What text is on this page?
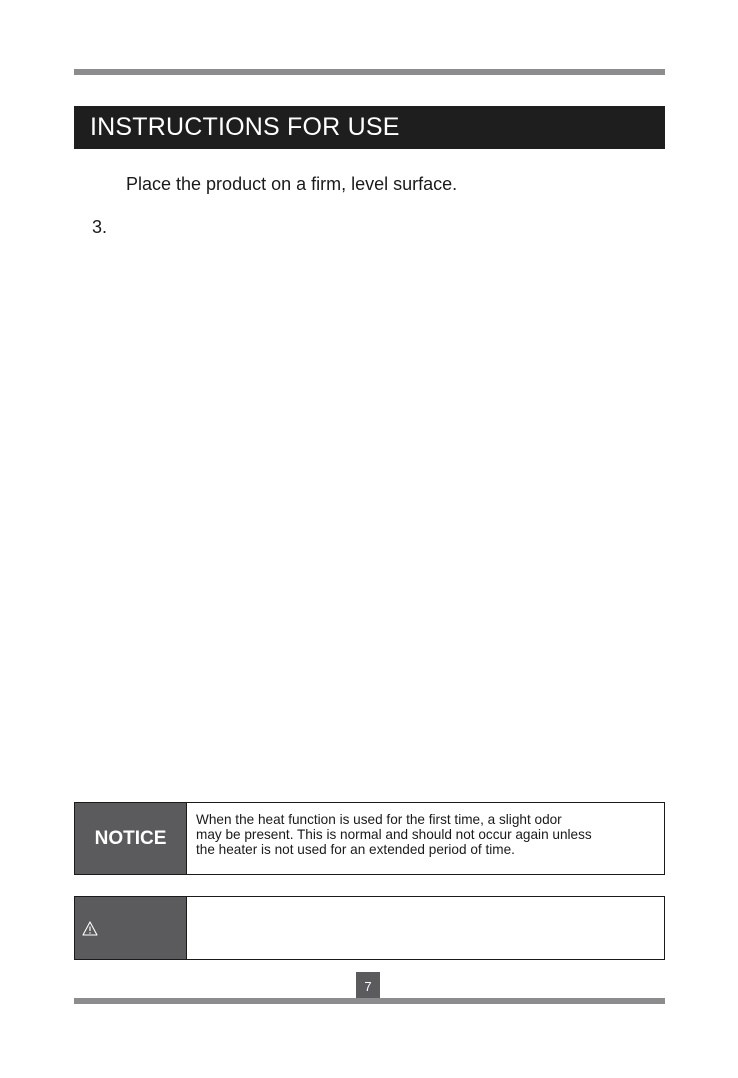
INSTRUCTIONS FOR USE
Place the product on a firm, level surface.
3.
NOTICE
When the heat function is used for the first time, a slight odor
may be present. This is normal and should not occur again unless
the heater is not used for an extended period of time.
7
